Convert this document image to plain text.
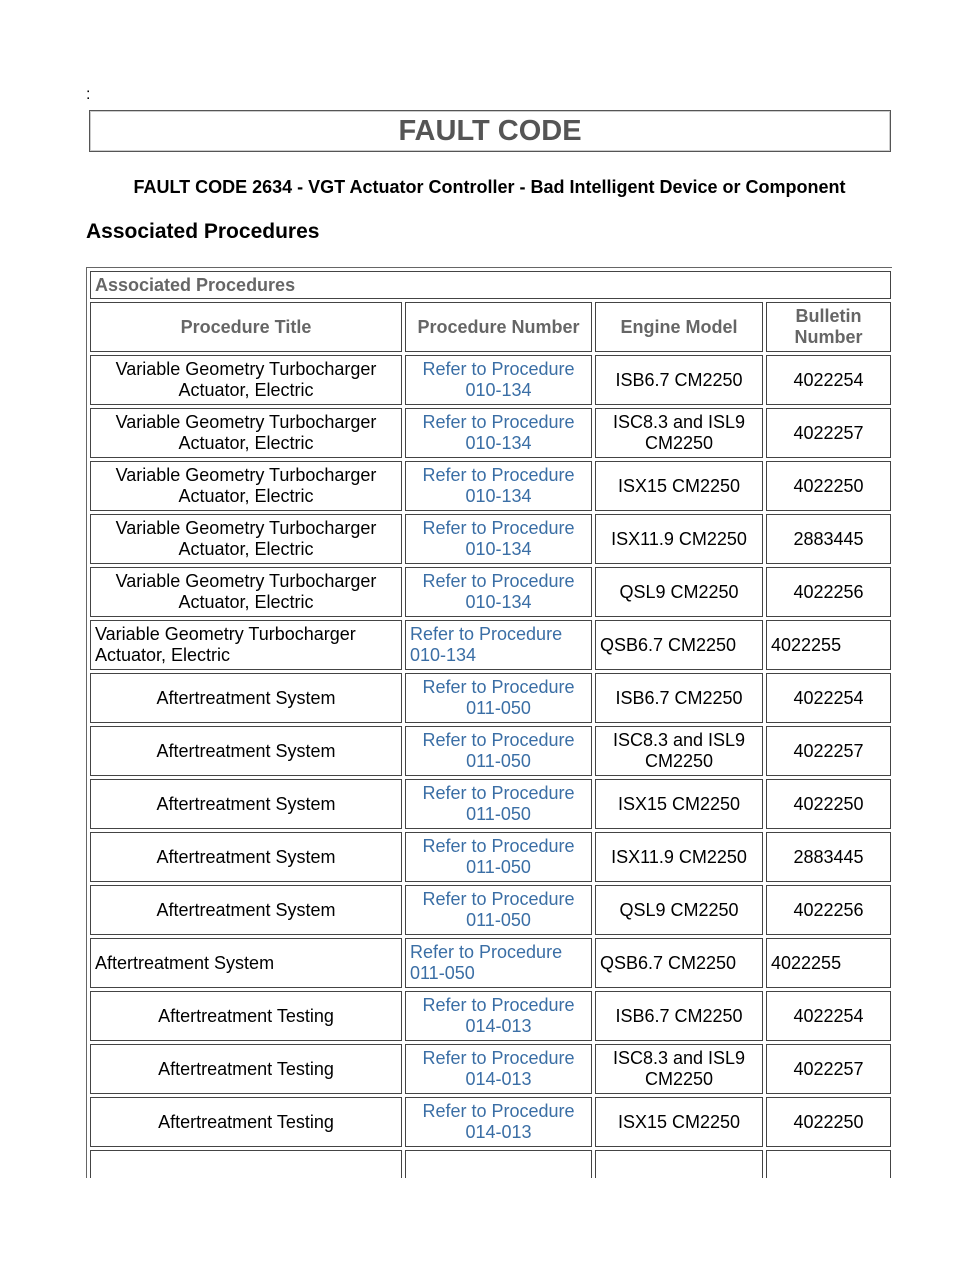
:
FAULT CODE
FAULT CODE 2634 - VGT Actuator Controller - Bad Intelligent Device or Component
Associated Procedures
Associated Procedures			
Procedure Title	Procedure Number	Engine Model	Bulletin Number
Variable Geometry Turbocharger Actuator, Electric	Refer to Procedure 010-134	ISB6.7 CM2250	4022254
Variable Geometry Turbocharger Actuator, Electric	Refer to Procedure 010-134	ISC8.3 and ISL9 CM2250	4022257
Variable Geometry Turbocharger Actuator, Electric	Refer to Procedure 010-134	ISX15 CM2250	4022250
Variable Geometry Turbocharger Actuator, Electric	Refer to Procedure 010-134	ISX11.9 CM2250	2883445
Variable Geometry Turbocharger Actuator, Electric	Refer to Procedure 010-134	QSL9 CM2250	4022256
Variable Geometry Turbocharger Actuator, Electric	Refer to Procedure 010-134	QSB6.7 CM2250	4022255
Aftertreatment System	Refer to Procedure 011-050	ISB6.7 CM2250	4022254
Aftertreatment System	Refer to Procedure 011-050	ISC8.3 and ISL9 CM2250	4022257
Aftertreatment System	Refer to Procedure 011-050	ISX15 CM2250	4022250
Aftertreatment System	Refer to Procedure 011-050	ISX11.9 CM2250	2883445
Aftertreatment System	Refer to Procedure 011-050	QSL9 CM2250	4022256
Aftertreatment System	Refer to Procedure 011-050	QSB6.7 CM2250	4022255
Aftertreatment Testing	Refer to Procedure 014-013	ISB6.7 CM2250	4022254
Aftertreatment Testing	Refer to Procedure 014-013	ISC8.3 and ISL9 CM2250	4022257
Aftertreatment Testing	Refer to Procedure 014-013	ISX15 CM2250	4022250
